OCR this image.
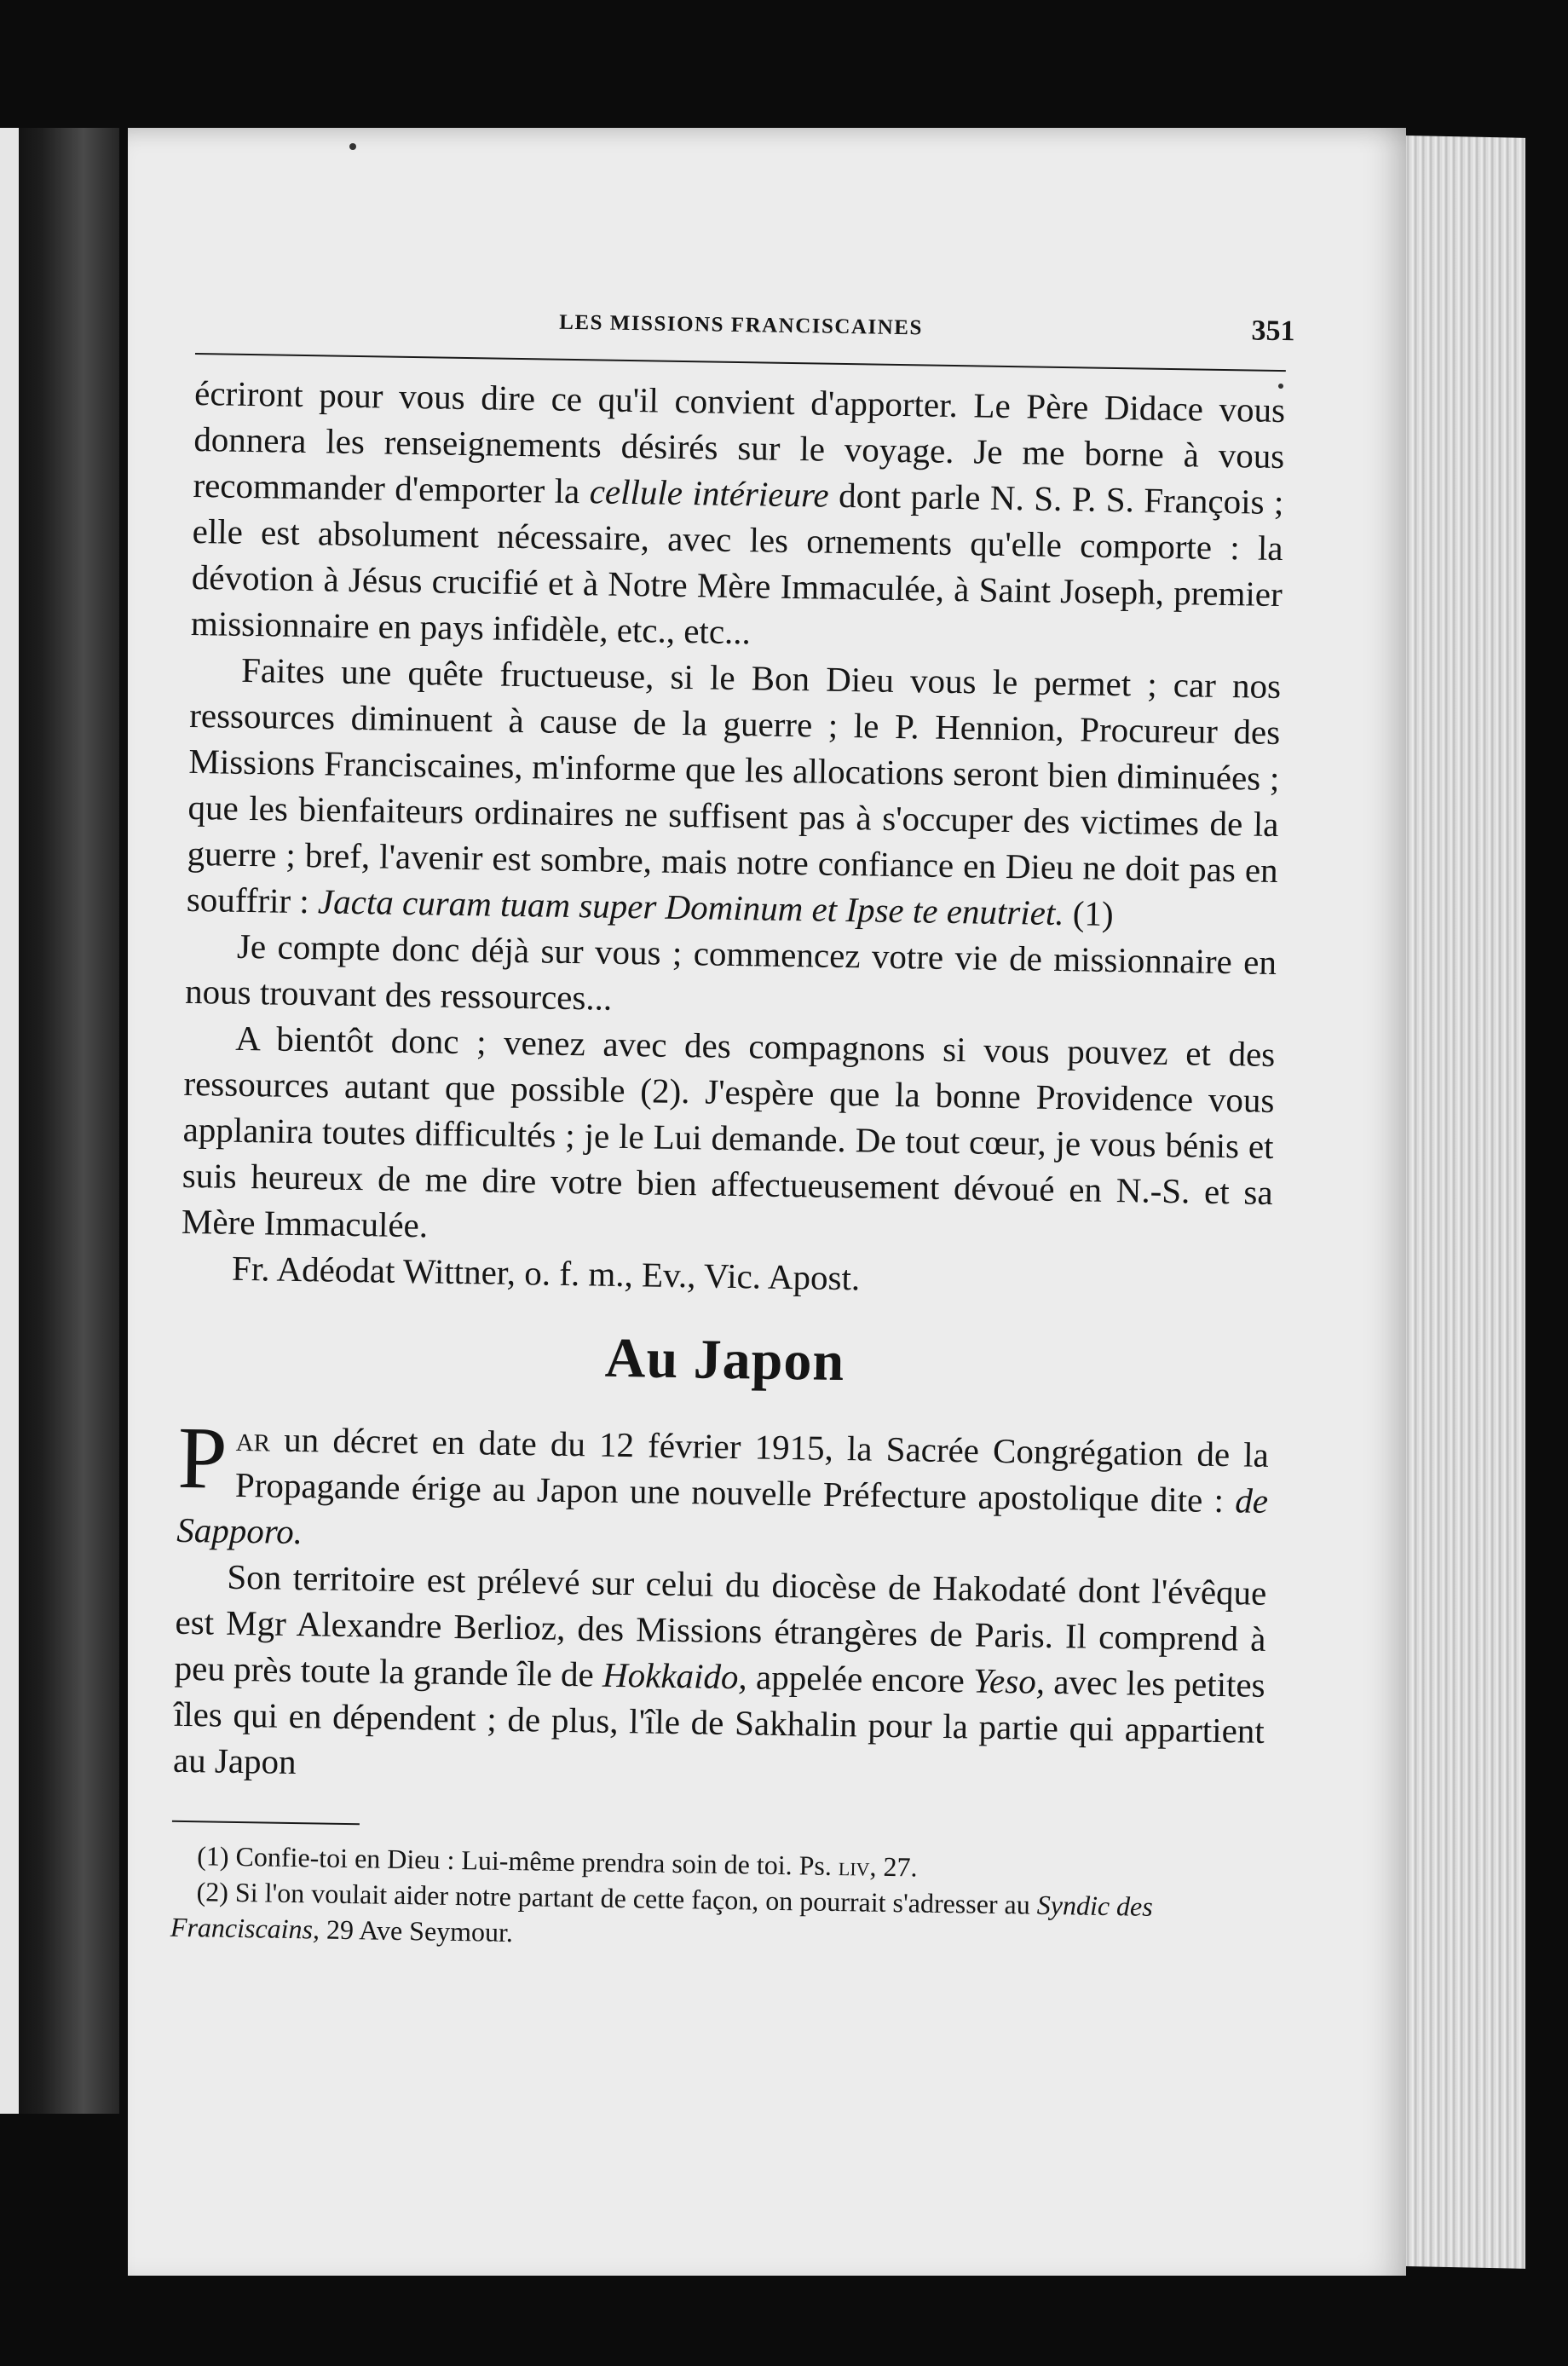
LES MISSIONS FRANCISCAINES	351

écriront pour vous dire ce qu'il convient d'apporter. Le Père Didace vous donnera les renseignements désirés sur le voyage. Je me borne à vous recommander d'emporter la cellule intérieure dont parle N. S. P. S. François ; elle est absolument nécessaire, avec les ornements qu'elle comporte : la dévotion à Jésus crucifié et à Notre Mère Immaculée, à Saint Joseph, premier missionnaire en pays infidèle, etc., etc...

Faites une quête fructueuse, si le Bon Dieu vous le permet ; car nos ressources diminuent à cause de la guerre ; le P. Hennion, Procureur des Missions Franciscaines, m'informe que les allocations seront bien diminuées ; que les bienfaiteurs ordinaires ne suffisent pas à s'occuper des victimes de la guerre ; bref, l'avenir est sombre, mais notre confiance en Dieu ne doit pas en souffrir : Jacta curam tuam super Dominum et Ipse te enutriet. (1)

Je compte donc déjà sur vous ; commencez votre vie de missionnaire en nous trouvant des ressources...

A bientôt donc ; venez avec des compagnons si vous pouvez et des ressources autant que possible (2). J'espère que la bonne Providence vous applanira toutes difficultés ; je le Lui demande. De tout cœur, je vous bénis et suis heureux de me dire votre bien affectueusement dévoué en N.-S. et sa Mère Immaculée.

Fr. Adéodat Wittner, o. f. m., Ev., Vic. Apost.

Au Japon

Par un décret en date du 12 février 1915, la Sacrée Congrégation de la Propagande érige au Japon une nouvelle Préfecture apostolique dite : de Sapporo.

Son territoire est prélevé sur celui du diocèse de Hakodaté dont l'évêque est Mgr Alexandre Berlioz, des Missions étrangères de Paris. Il comprend à peu près toute la grande île de Hokkaido, appelée encore Yeso, avec les petites îles qui en dépendent ; de plus, l'île de Sakhalin pour la partie qui appartient au Japon

(1) Confie-toi en Dieu : Lui-même prendra soin de toi. Ps. liv, 27.

(2) Si l'on voulait aider notre partant de cette façon, on pourrait s'adresser au Syndic des Franciscains, 29 Ave Seymour.
